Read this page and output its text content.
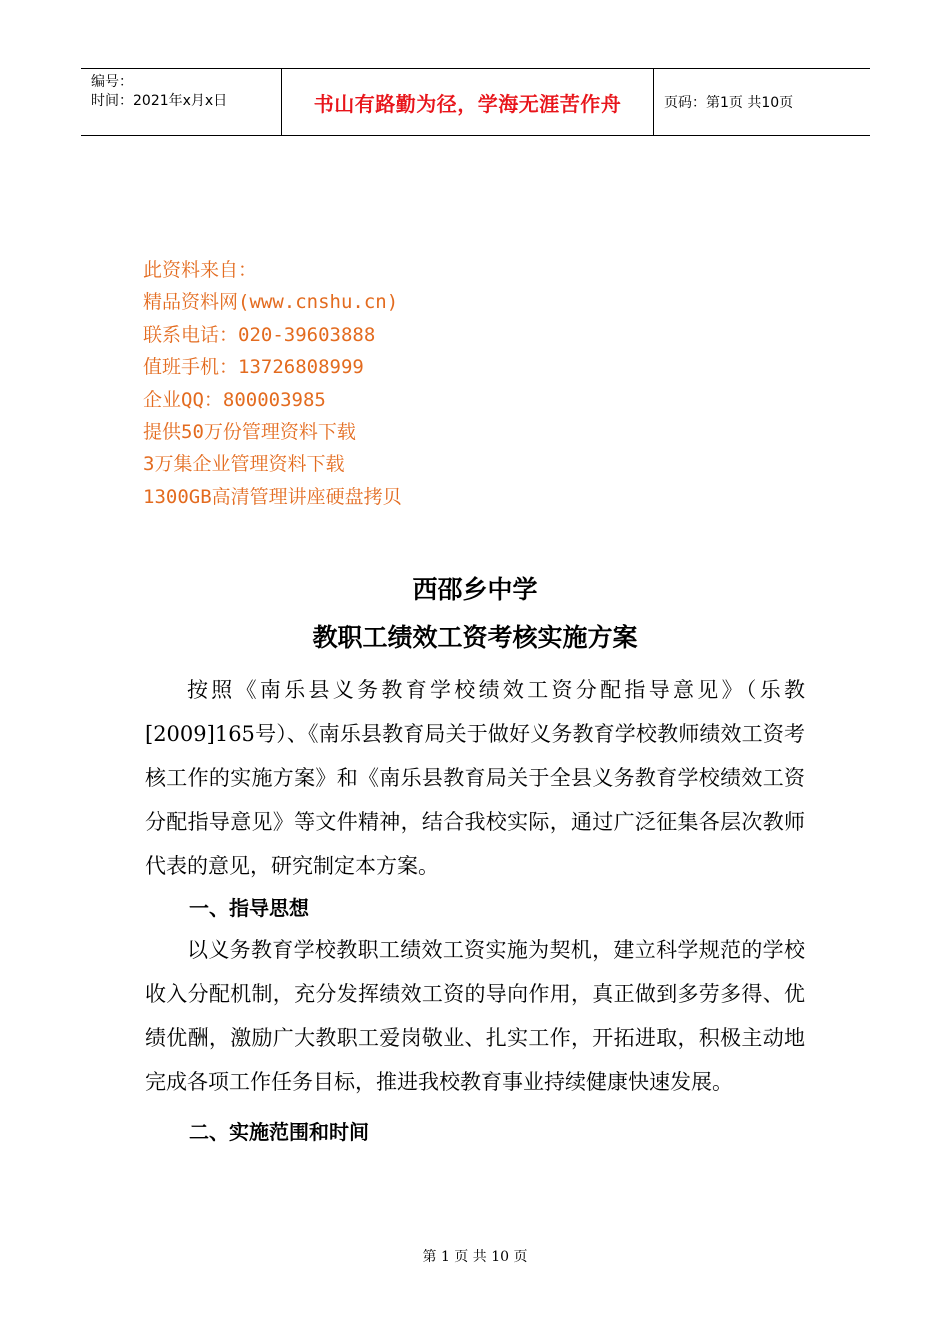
编号：
时间：2021年x月x日	书山有路勤为径，学海无涯苦作舟	页码：第1页 共10页
此资料来自：
精品资料网(www.cnshu.cn)
联系电话：020-39603888
值班手机：13726808999
企业QQ：800003985
提供50万份管理资料下载
3万集企业管理资料下载
1300GB高清管理讲座硬盘拷贝
西邵乡中学
教职工绩效工资考核实施方案

按照《南乐县义务教育学校绩效工资分配指导意见》（乐教[2009]165号）、《南乐县教育局关于做好义务教育学校教师绩效工资考核工作的实施方案》和《南乐县教育局关于全县义务教育学校绩效工资分配指导意见》等文件精神，结合我校实际，通过广泛征集各层次教师代表的意见，研究制定本方案。

一、指导思想

以义务教育学校教职工绩效工资实施为契机，建立科学规范的学校收入分配机制，充分发挥绩效工资的导向作用，真正做到多劳多得、优绩优酬，激励广大教职工爱岗敬业、扎实工作，开拓进取，积极主动地完成各项工作任务目标，推进我校教育事业持续健康快速发展。

二、实施范围和时间

第 1 页 共 10 页
